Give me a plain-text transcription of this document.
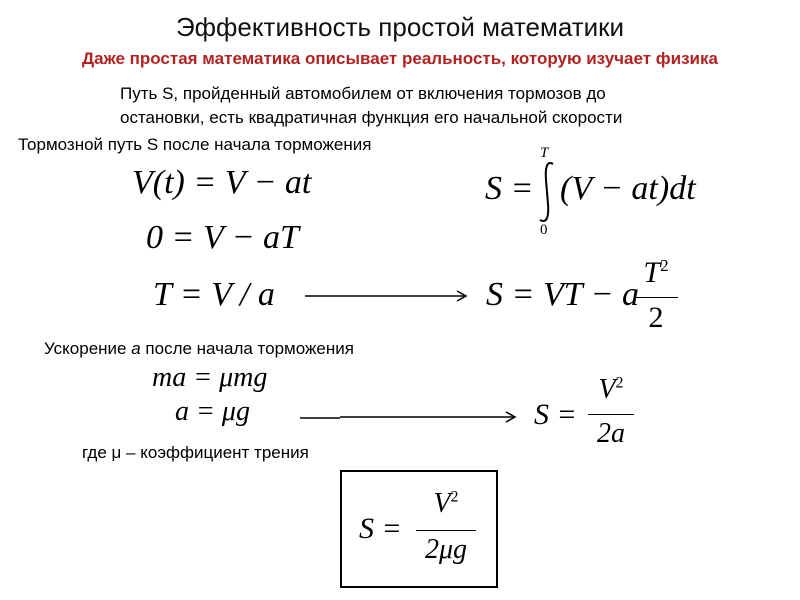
Эффективность простой математики
Даже простая математика описывает реальность, которую изучает физика
Путь S, пройденный автомобилем от включения тормозов до
остановки, есть квадратичная функция его начальной скорости
Тормозной путь S после начала торможения
V(t) = V − at
0 = V − aT
T = V / a
S =
T
0
(V − at)dt
S = VT − a
$T^2$
2
Ускорение a после начала торможения
ma = μmg
a = μg	S =
$V^2$
2a
где μ – коэффициент трения
S =
$V^2$
2μg
